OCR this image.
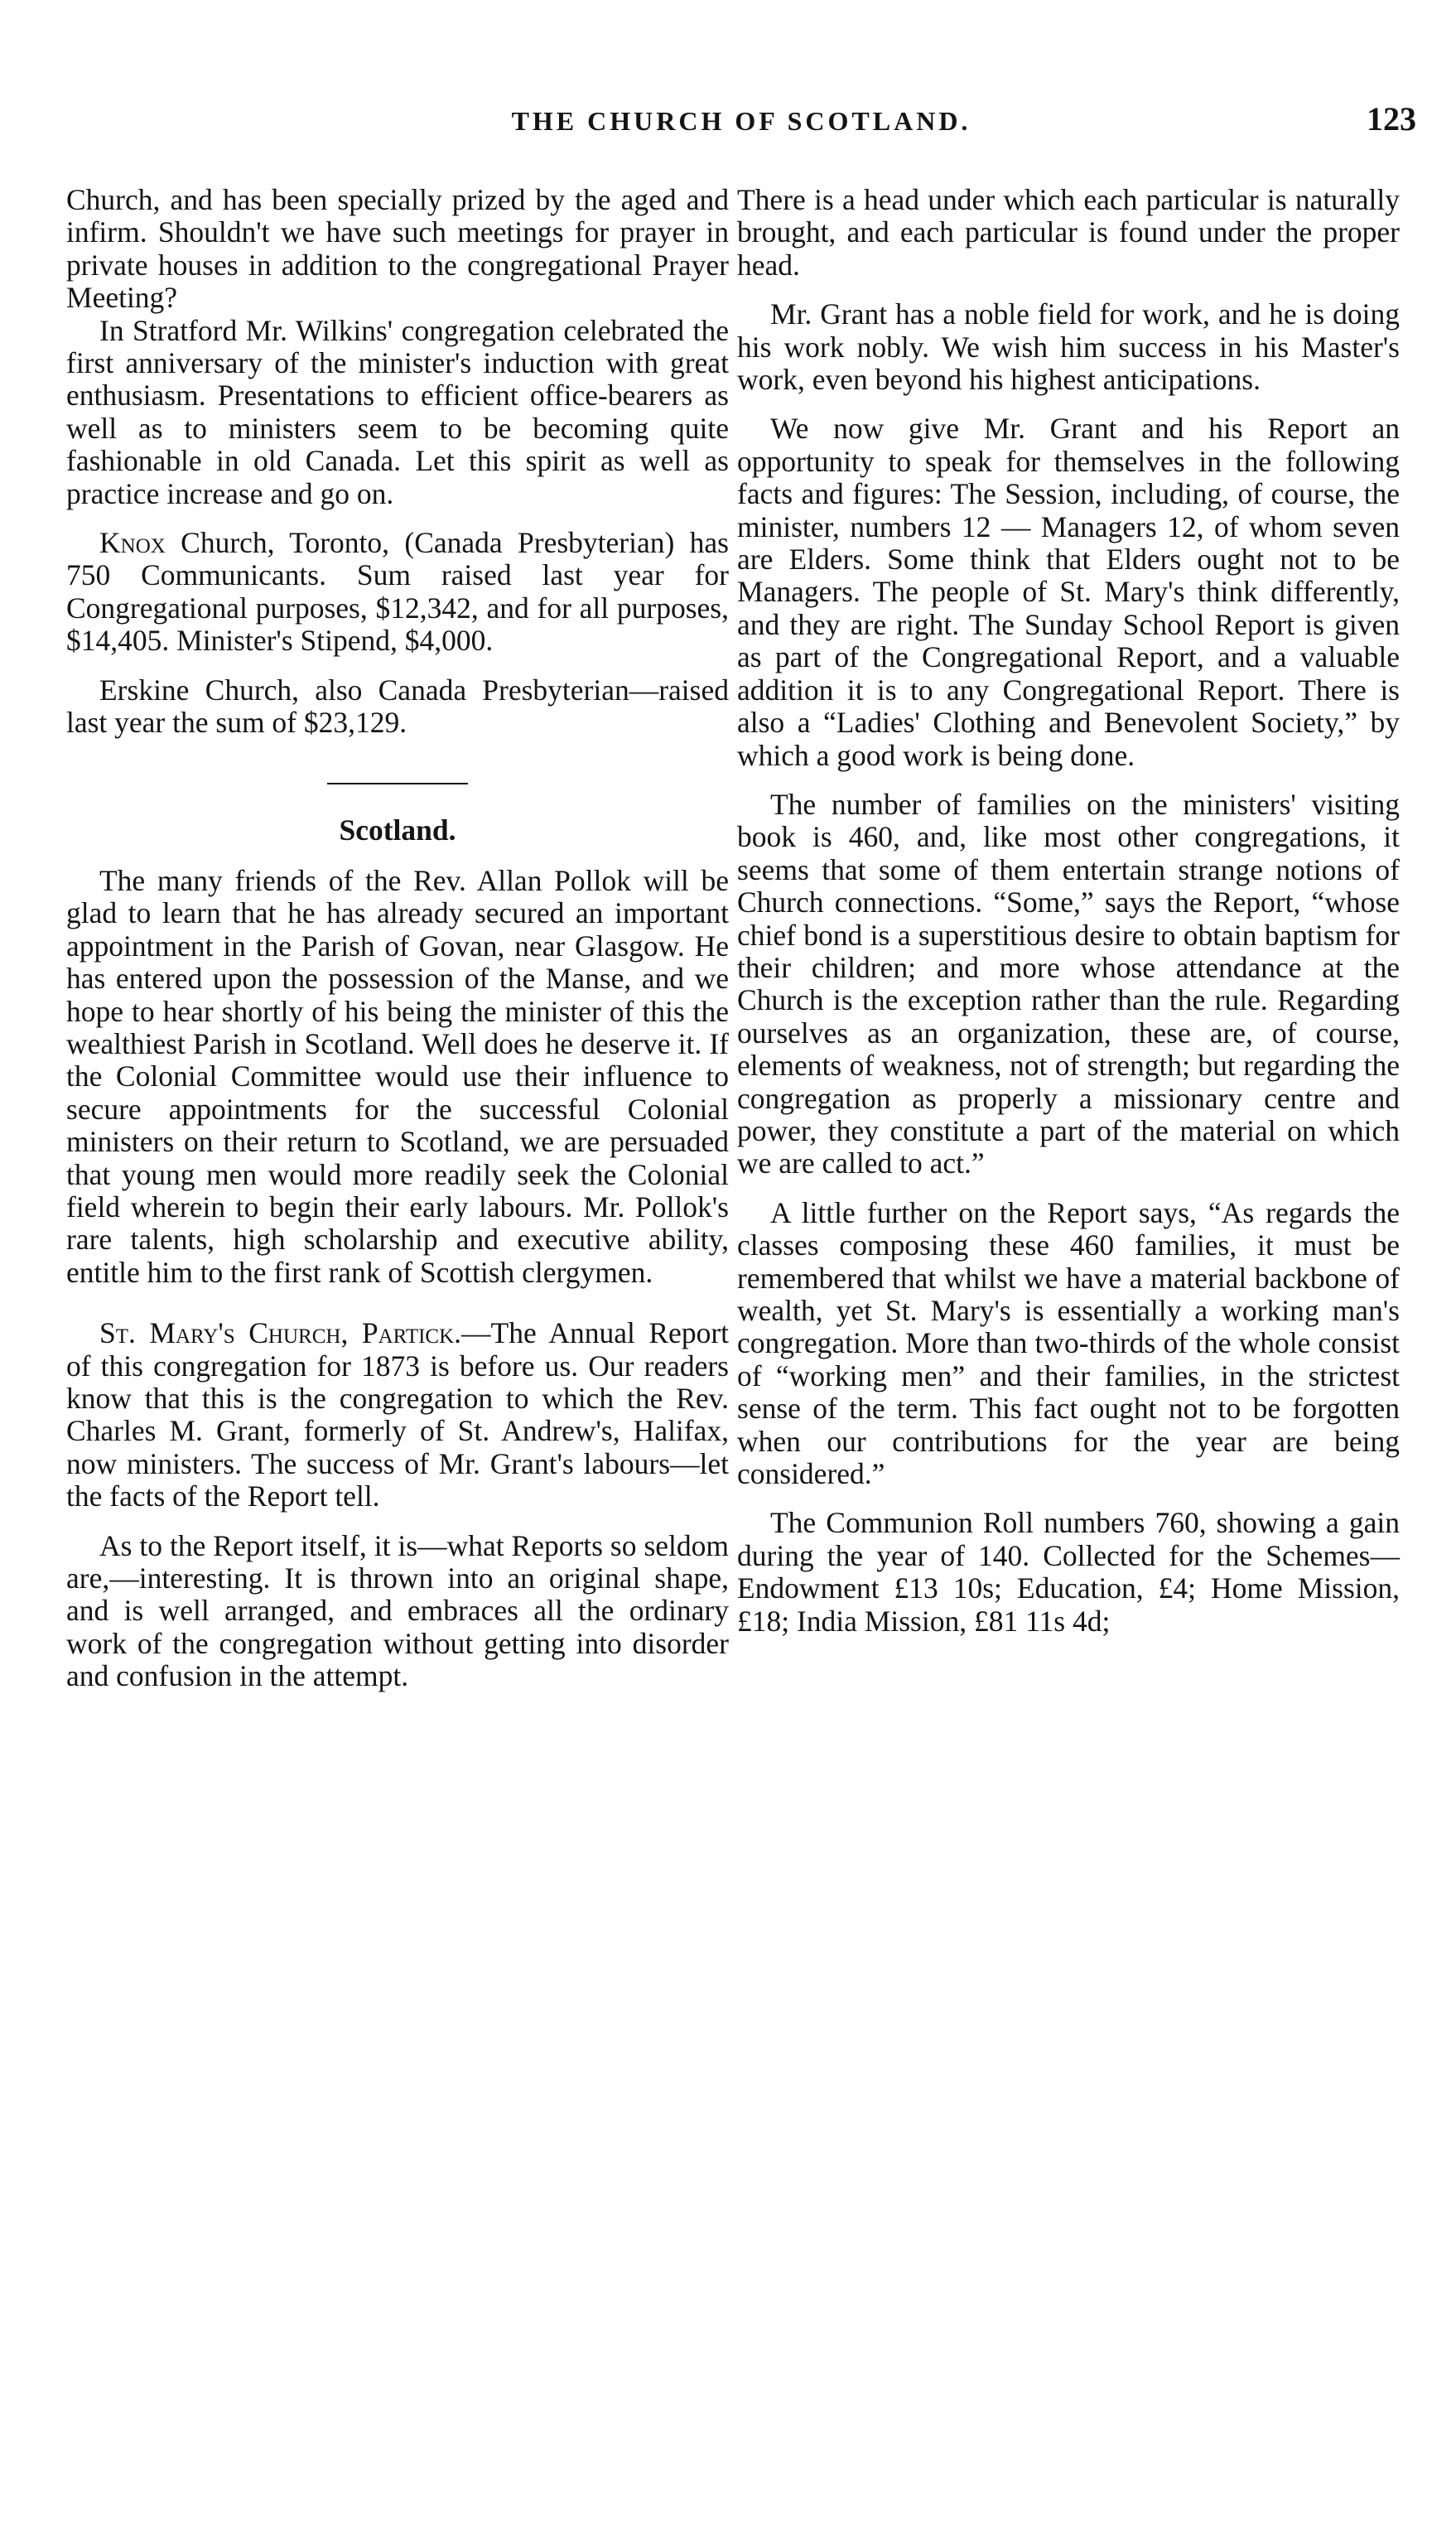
THE CHURCH OF SCOTLAND.	123

Church, and has been specially prized by the aged and infirm. Shouldn't we have such meetings for prayer in private houses in addition to the congregational Prayer Meeting?

In Stratford Mr. Wilkins' congregation celebrated the first anniversary of the minister's induction with great enthusiasm. Presentations to efficient office-bearers as well as to ministers seem to be becoming quite fashionable in old Canada. Let this spirit as well as practice increase and go on.

Knox Church, Toronto, (Canada Presbyterian) has 750 Communicants. Sum raised last year for Congregational purposes, $12,342, and for all purposes, $14,405. Minister's Stipend, $4,000.

Erskine Church, also Canada Presbyterian—raised last year the sum of $23,129.

Scotland.

The many friends of the Rev. Allan Pollok will be glad to learn that he has already secured an important appointment in the Parish of Govan, near Glasgow. He has entered upon the possession of the Manse, and we hope to hear shortly of his being the minister of this the wealthiest Parish in Scotland. Well does he deserve it. If the Colonial Committee would use their influence to secure appointments for the successful Colonial ministers on their return to Scotland, we are persuaded that young men would more readily seek the Colonial field wherein to begin their early labours. Mr. Pollok's rare talents, high scholarship and executive ability, entitle him to the first rank of Scottish clergymen.

St. Mary's Church, Partick.—The Annual Report of this congregation for 1873 is before us. Our readers know that this is the congregation to which the Rev. Charles M. Grant, formerly of St. Andrew's, Halifax, now ministers. The success of Mr. Grant's labours—let the facts of the Report tell.

As to the Report itself, it is—what Reports so seldom are,—interesting. It is thrown into an original shape, and is well arranged, and embraces all the ordinary work of the congregation without getting into disorder and confusion in the attempt.

There is a head under which each particular is naturally brought, and each particular is found under the proper head.

Mr. Grant has a noble field for work, and he is doing his work nobly. We wish him success in his Master's work, even beyond his highest anticipations.

We now give Mr. Grant and his Report an opportunity to speak for themselves in the following facts and figures: The Session, including, of course, the minister, numbers 12 — Managers 12, of whom seven are Elders. Some think that Elders ought not to be Managers. The people of St. Mary's think differently, and they are right. The Sunday School Report is given as part of the Congregational Report, and a valuable addition it is to any Congregational Report. There is also a “Ladies' Clothing and Benevolent Society,” by which a good work is being done.

The number of families on the ministers' visiting book is 460, and, like most other congregations, it seems that some of them entertain strange notions of Church connections. “Some,” says the Report, “whose chief bond is a superstitious desire to obtain baptism for their children; and more whose attendance at the Church is the exception rather than the rule. Regarding ourselves as an organization, these are, of course, elements of weakness, not of strength; but regarding the congregation as properly a missionary centre and power, they constitute a part of the material on which we are called to act.”

A little further on the Report says, “As regards the classes composing these 460 families, it must be remembered that whilst we have a material backbone of wealth, yet St. Mary's is essentially a working man's congregation. More than two-thirds of the whole consist of “working men” and their families, in the strictest sense of the term. This fact ought not to be forgotten when our contributions for the year are being considered.”

The Communion Roll numbers 760, showing a gain during the year of 140. Collected for the Schemes—Endowment £13 10s; Education, £4; Home Mission, £18; India Mission, £81 11s 4d;
